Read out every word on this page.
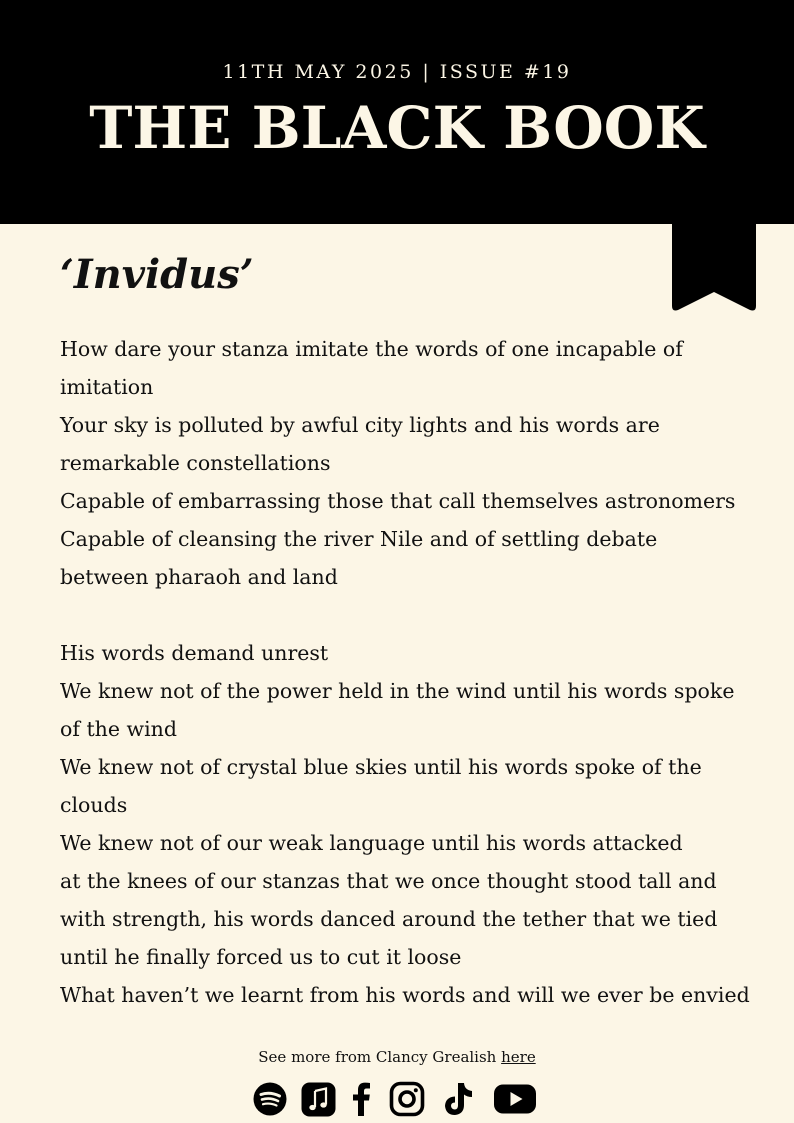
11TH MAY 2025 | ISSUE #19
THE BLACK BOOK
‘Invidus’
How dare your stanza imitate the words of one incapable of imitation
Your sky is polluted by awful city lights and his words are remarkable constellations
Capable of embarrassing those that call themselves astronomers
Capable of cleansing the river Nile and of settling debate between pharaoh and land
His words demand unrest
We knew not of the power held in the wind until his words spoke of the wind
We knew not of crystal blue skies until his words spoke of the clouds
We knew not of our weak language until his words attacked
at the knees of our stanzas that we once thought stood tall and with strength, his words danced around the tether that we tied until he finally forced us to cut it loose
What haven’t we learnt from his words and will we ever be envied
See more from Clancy Grealish here
